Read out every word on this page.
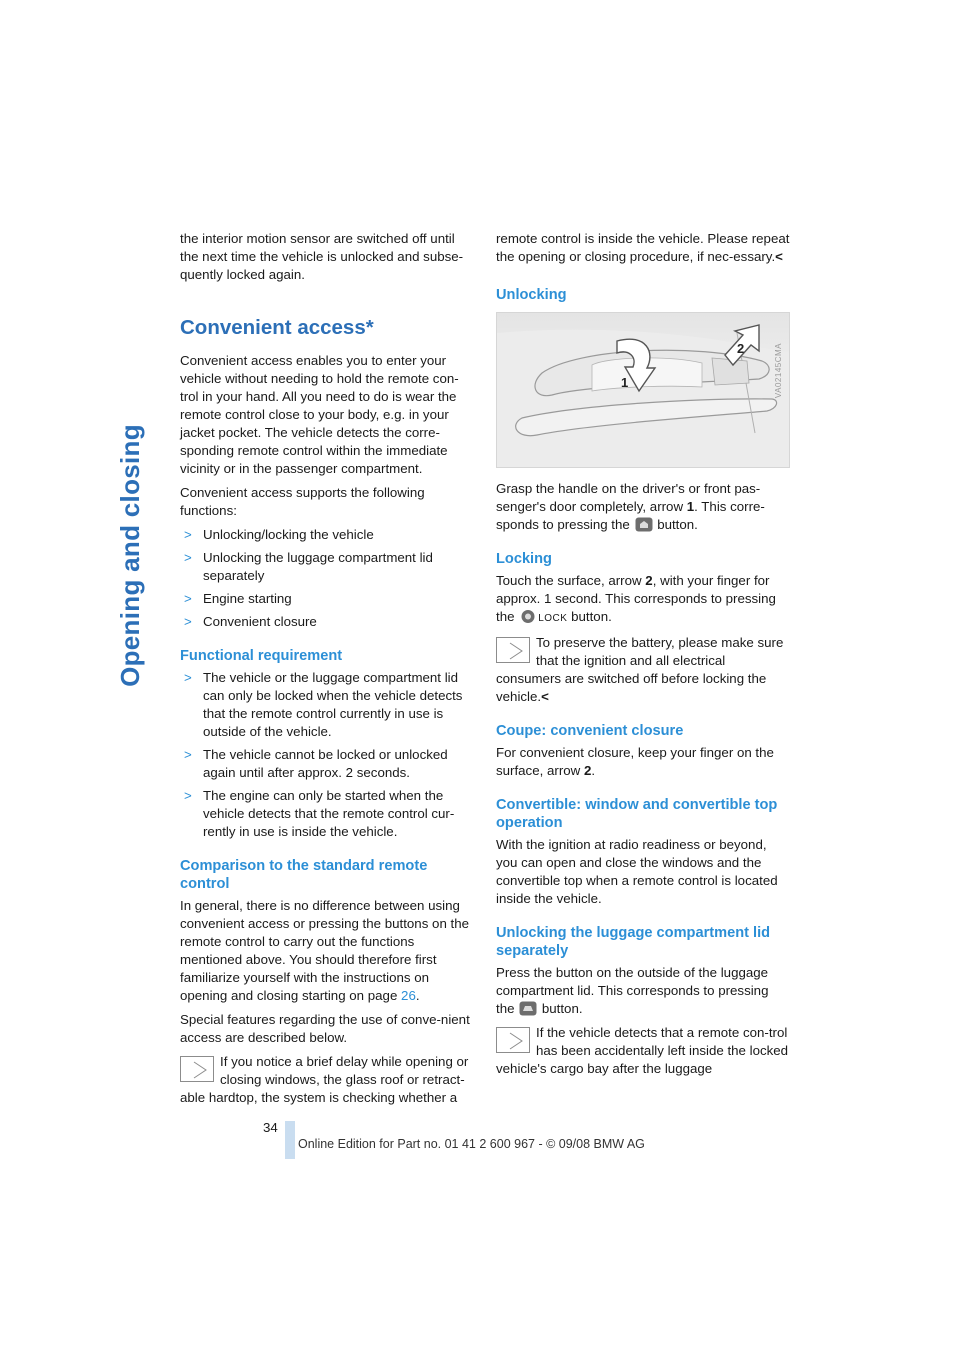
Opening and closing

the interior motion sensor are switched off until the next time the vehicle is unlocked and subse-quently locked again.

Convenient access*

Convenient access enables you to enter your vehicle without needing to hold the remote con-trol in your hand. All you need to do is wear the remote control close to your body, e.g. in your jacket pocket. The vehicle detects the corre-sponding remote control within the immediate vicinity or in the passenger compartment.

Convenient access supports the following functions:

> Unlocking/locking the vehicle
> Unlocking the luggage compartment lid separately
> Engine starting
> Convenient closure
Functional requirement
> The vehicle or the luggage compartment lid can only be locked when the vehicle detects that the remote control currently in use is outside of the vehicle.
> The vehicle cannot be locked or unlocked again until after approx. 2 seconds.
> The engine can only be started when the vehicle detects that the remote control cur-rently in use is inside the vehicle.
Comparison to the standard remote control

In general, there is no difference between using convenient access or pressing the buttons on the remote control to carry out the functions mentioned above. You should therefore first familiarize yourself with the instructions on opening and closing starting on page 26.

Special features regarding the use of conve-nient access are described below.

If you notice a brief delay while opening or closing windows, the glass roof or retract-able hardtop, the system is checking whether a

remote control is inside the vehicle. Please repeat the opening or closing procedure, if nec-essary.<

Unlocking
1
2	VA02145CMA

Grasp the handle on the driver's or front pas-senger's door completely, arrow 1. This corre-sponds to pressing the  button.

Locking

Touch the surface, arrow 2, with your finger for approx. 1 second. This corresponds to pressing the LOCK button.

To preserve the battery, please make sure that the ignition and all electrical consumers are switched off before locking the vehicle.<

Coupe: convenient closure

For convenient closure, keep your finger on the surface, arrow 2.

Convertible: window and convertible top operation

With the ignition at radio readiness or beyond, you can open and close the windows and the convertible top when a remote control is located inside the vehicle.

Unlocking the luggage compartment lid separately

Press the button on the outside of the luggage compartment lid. This corresponds to pressing the  button.

If the vehicle detects that a remote con-trol has been accidentally left inside the locked vehicle's cargo bay after the luggage

34
Online Edition for Part no. 01 41 2 600 967 - © 09/08 BMW AG
